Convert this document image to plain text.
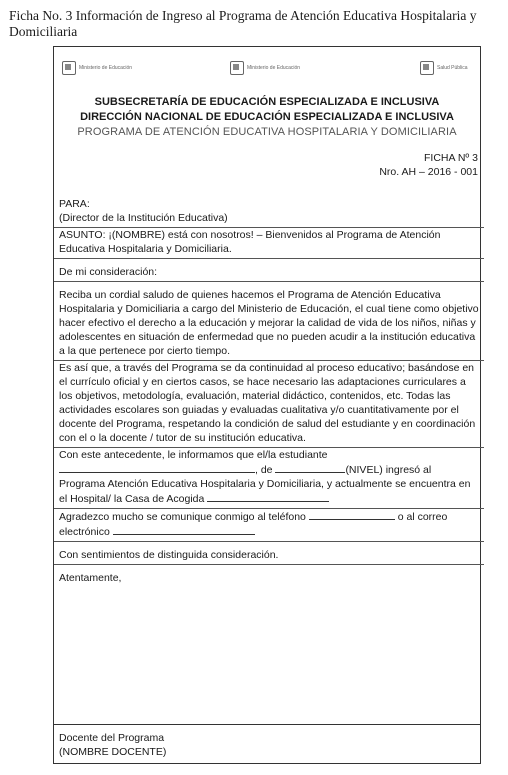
Ficha No. 3 Información de Ingreso al Programa de Atención Educativa Hospitalaria y Domiciliaria
Ministerio de Educación	Ministerio de Educación	Salud Pública
SUBSECRETARÍA DE EDUCACIÓN ESPECIALIZADA E INCLUSIVA
DIRECCIÓN NACIONAL DE EDUCACIÓN ESPECIALIZADA E INCLUSIVA
PROGRAMA DE ATENCIÓN EDUCATIVA HOSPITALARIA Y DOMICILIARIA
FICHA Nº 3
Nro. AH – 2016 - 001

PARA:

(Director de la Institución Educativa)

ASUNTO: ¡(NOMBRE) está con nosotros! – Bienvenidos al Programa de Atención Educativa Hospitalaria y Domiciliaria.

De mi consideración:

Reciba un cordial saludo de quienes hacemos el Programa de Atención Educativa Hospitalaria y Domiciliaria a cargo del Ministerio de Educación, el cual tiene como objetivo hacer efectivo el derecho a la educación y mejorar la calidad de vida de los niños, niñas y adolescentes en situación de enfermedad que no pueden acudir a la institución educativa a la que pertenece por cierto tiempo.

Es así que, a través del Programa se da continuidad al proceso educativo; basándose en el currículo oficial y en ciertos casos, se hace necesario las adaptaciones curriculares a los objetivos, metodología, evaluación, material didáctico, contenidos, etc. Todas las actividades escolares son guiadas y evaluadas cualitativa y/o cuantitativamente por el docente del Programa, respetando la condición de salud del estudiante y en coordinación con el o la docente / tutor de su institución educativa.

Con este antecedente, le informamos que el/la estudiante
, de	(NIVEL) ingresó al Programa Atención Educativa Hospitalaria y Domiciliaria, y actualmente se encuentra en el Hospital/ la Casa de Acogida

Agradezco mucho se comunique conmigo al teléfono	o al correo electrónico

Con sentimientos de distinguida consideración.

Atentamente,

Docente del Programa
(NOMBRE DOCENTE)
